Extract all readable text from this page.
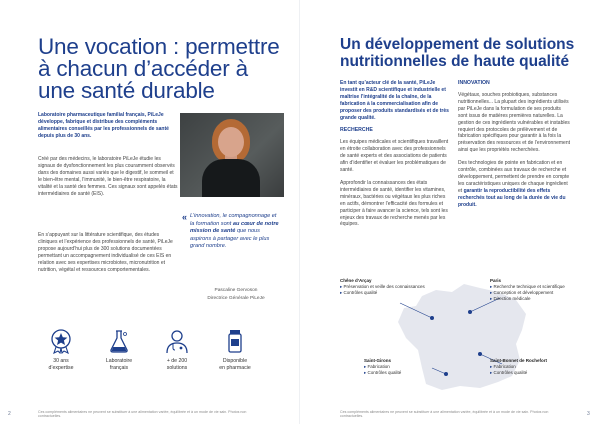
Une vocation : permettre à chacun d’accéder à une santé durable

Laboratoire pharmaceutique familial français, PiLeJe développe, fabrique et distribue des compléments alimentaires conseillés par les professionnels de santé depuis plus de 30 ans.

Créé par des médecins, le laboratoire PiLeJe étudie les signaux de dysfonctionnement les plus couramment observés dans des domaines aussi variés que le digestif, le sommeil et le bien-être mental, l’immunité, le bien-être respiratoire, la vitalité et la santé des femmes. Ces signaux sont appelés états intermédiaires de santé (EIS).

En s’appuyant sur la littérature scientifique, des études cliniques et l’expérience des professionnels de santé, PiLeJe propose aujourd’hui plus de 300 solutions documentées permettant un accompagnement individualisé de ces EIS en relation avec ses expertises microbiotes, micronutrition et nutrition, végétal et ressources comportementales.

« L’innovation, le compagnonnage et la formation sont au cœur de notre mission de santé que nous aspirons à partager avec le plus grand nombre.

Pascaline Gervoson
Directrice Générale PiLeJe
30 ans
d’expertise
Laboratoire
français
+ de 200
solutions
Disponible
en pharmacie
2	Ces compléments alimentaires ne peuvent se substituer à une alimentation variée, équilibrée et à un mode de vie sain. Photos non contractuelles.
Un développement de solutions nutritionnelles de haute qualité

En tant qu’acteur clé de la santé, PiLeJe investit en R&D scientifique et industrielle et maîtrise l’intégralité de la chaîne, de la fabrication à la commercialisation afin de proposer des produits standardisés et de très grande qualité.

RECHERCHE

Les équipes médicales et scientifiques travaillent en étroite collaboration avec des professionnels de santé experts et des associations de patients afin d’identifier et évaluer les problématiques de santé.

Approfondir la connaissances des états intermédiaires de santé, identifier les vitamines, minéraux, bactéries ou végétaux les plus riches en actifs, démontrer l’efficacité des formules et participer à faire avancer la science, tels sont les enjeux des travaux de recherche menés par les équipes.

INNOVATION

Végétaux, souches probiotiques, substances nutritionnelles... La plupart des ingrédients utilisés par PiLeJe dans la formulation de ses produits sont issus de matières premières naturelles. La gestion de ces ingrédients vulnérables et instables requiert des protocoles de prélèvement et de fabrication spécifiques pour garantir à la fois la préservation des ressources et de l’environnement ainsi que les propriétés recherchées.

Des technologies de pointe en fabrication et en contrôle, combinées aux travaux de recherche et développement, permettent de prendre en compte les caractéristiques uniques de chaque ingrédient et garantir la reproductibilité des effets recherchés tout au long de la durée de vie du produit.

Chêne d’Arçay
▸ Préservation et veille des connaissances
▸ Contrôles qualité
Paris
▸ Recherche technique et scientifique
▸ Conception et développement
▸ Direction médicale
Saint-Girons
▸ Fabrication
▸ Contrôles qualité
Saint-Bonnet de Rochefort
▸ Fabrication
▸ Contrôles qualité
Ces compléments alimentaires ne peuvent se substituer à une alimentation variée, équilibrée et à un mode de vie sain. Photos non contractuelles.	3
